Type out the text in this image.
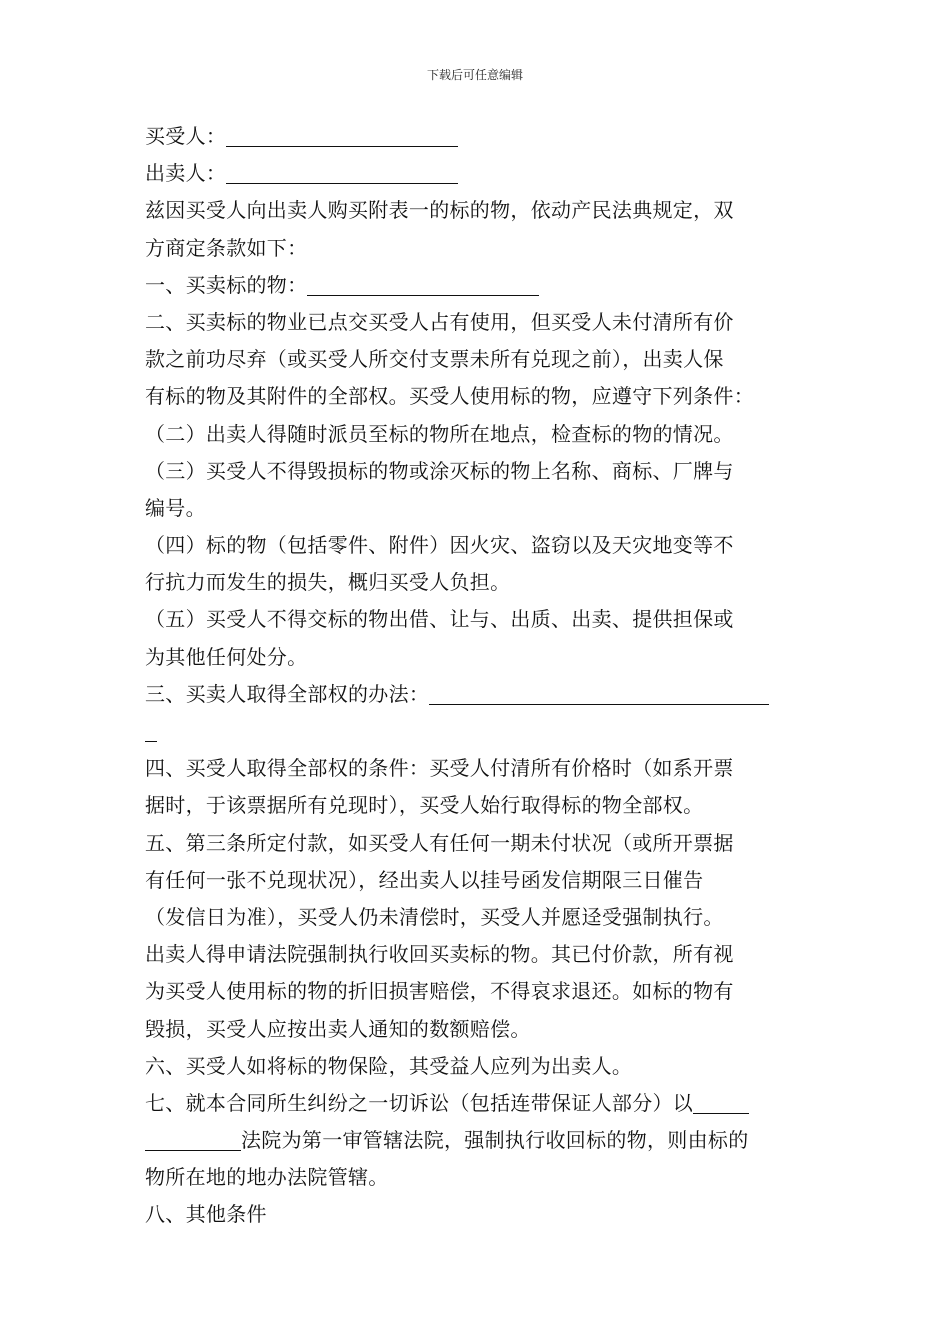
下载后可任意编辑
买受人：
出卖人：
兹因买受人向出卖人购买附表一的标的物，依动产民法典规定，双
方商定条款如下：
一、买卖标的物：
二、买卖标的物业已点交买受人占有使用，但买受人未付清所有价
款之前功尽弃（或买受人所交付支票未所有兑现之前），出卖人保
有标的物及其附件的全部权。买受人使用标的物，应遵守下列条件：
（二）出卖人得随时派员至标的物所在地点，检查标的物的情况。
（三）买受人不得毁损标的物或涂灭标的物上名称、商标、厂牌与
编号。
（四）标的物（包括零件、附件）因火灾、盗窃以及天灾地变等不
行抗力而发生的损失，概归买受人负担。
（五）买受人不得交标的物出借、让与、出质、出卖、提供担保或
为其他任何处分。
三、买卖人取得全部权的办法：
四、买受人取得全部权的条件：买受人付清所有价格时（如系开票
据时，于该票据所有兑现时），买受人始行取得标的物全部权。
五、第三条所定付款，如买受人有任何一期未付状况（或所开票据
有任何一张不兑现状况），经出卖人以挂号函发信期限三日催告
（发信日为准），买受人仍未清偿时，买受人并愿迳受强制执行。
出卖人得申请法院强制执行收回买卖标的物。其已付价款，所有视
为买受人使用标的物的折旧损害赔偿，不得哀求退还。如标的物有
毁损，买受人应按出卖人通知的数额赔偿。
六、买受人如将标的物保险，其受益人应列为出卖人。
七、就本合同所生纠纷之一切诉讼（包括连带保证人部分）以
法院为第一审管辖法院，强制执行收回标的物，则由标的
物所在地的地办法院管辖。
八、其他条件
